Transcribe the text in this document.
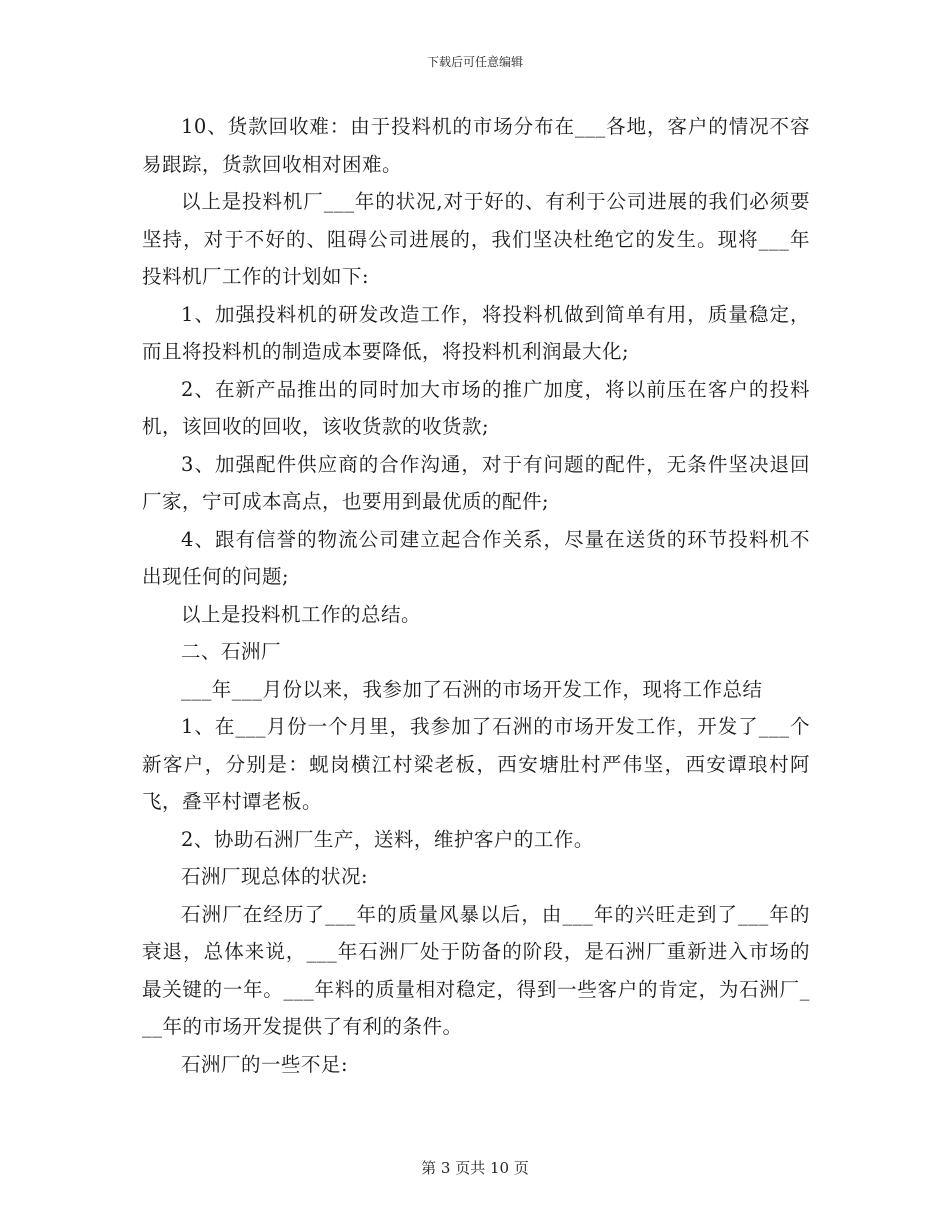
下载后可任意编辑

10、货款回收难：由于投料机的市场分布在___各地，客户的情况不容易跟踪，货款回收相对困难。

以上是投料机厂___年的状况,对于好的、有利于公司进展的我们必须要坚持，对于不好的、阻碍公司进展的，我们坚决杜绝它的发生。现将___年投料机厂工作的计划如下:

1、加强投料机的研发改造工作，将投料机做到简单有用，质量稳定，而且将投料机的制造成本要降低，将投料机利润最大化;

2、在新产品推出的同时加大市场的推广加度，将以前压在客户的投料机，该回收的回收，该收货款的收货款;

3、加强配件供应商的合作沟通，对于有问题的配件，无条件坚决退回厂家，宁可成本高点，也要用到最优质的配件;

4、跟有信誉的物流公司建立起合作关系，尽量在送货的环节投料机不出现任何的问题;

以上是投料机工作的总结。

二、石洲厂

___年___月份以来，我参加了石洲的市场开发工作，现将工作总结

1、在___月份一个月里，我参加了石洲的市场开发工作，开发了___个新客户，分别是：蚬岗横江村梁老板，西安塘肚村严伟坚，西安谭琅村阿飞，叠平村谭老板。

2、协助石洲厂生产，送料，维护客户的工作。

石洲厂现总体的状况:

石洲厂在经历了___年的质量风暴以后，由___年的兴旺走到了___年的衰退，总体来说，___年石洲厂处于防备的阶段，是石洲厂重新进入市场的最关键的一年。___年料的质量相对稳定，得到一些客户的肯定，为石洲厂___年的市场开发提供了有利的条件。

石洲厂的一些不足:

第 3 页共 10 页
